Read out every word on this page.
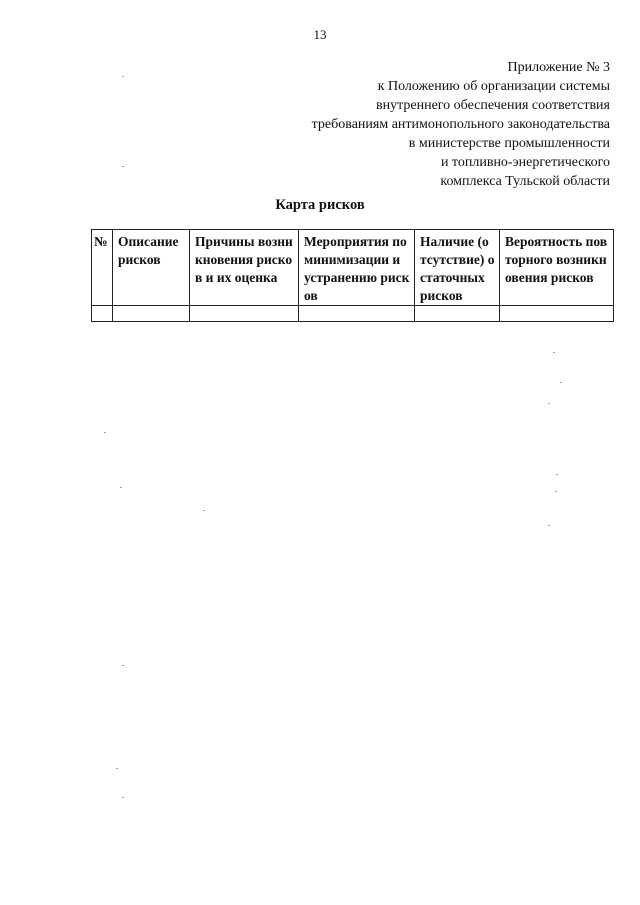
13
Приложение № 3
к Положению об организации системы
внутреннего обеспечения соответствия
требованиям антимонопольного законодательства
в министерстве промышленности
и топливно-энергетического
комплекса Тульской области
Карта рисков
№	Описание рисков	Причины возникновения рисков и их оценка	Мероприятия по минимизации и устранению рисков	Наличие (отсутствие) остаточных рисков	Вероятность повторного возникновения рисков
